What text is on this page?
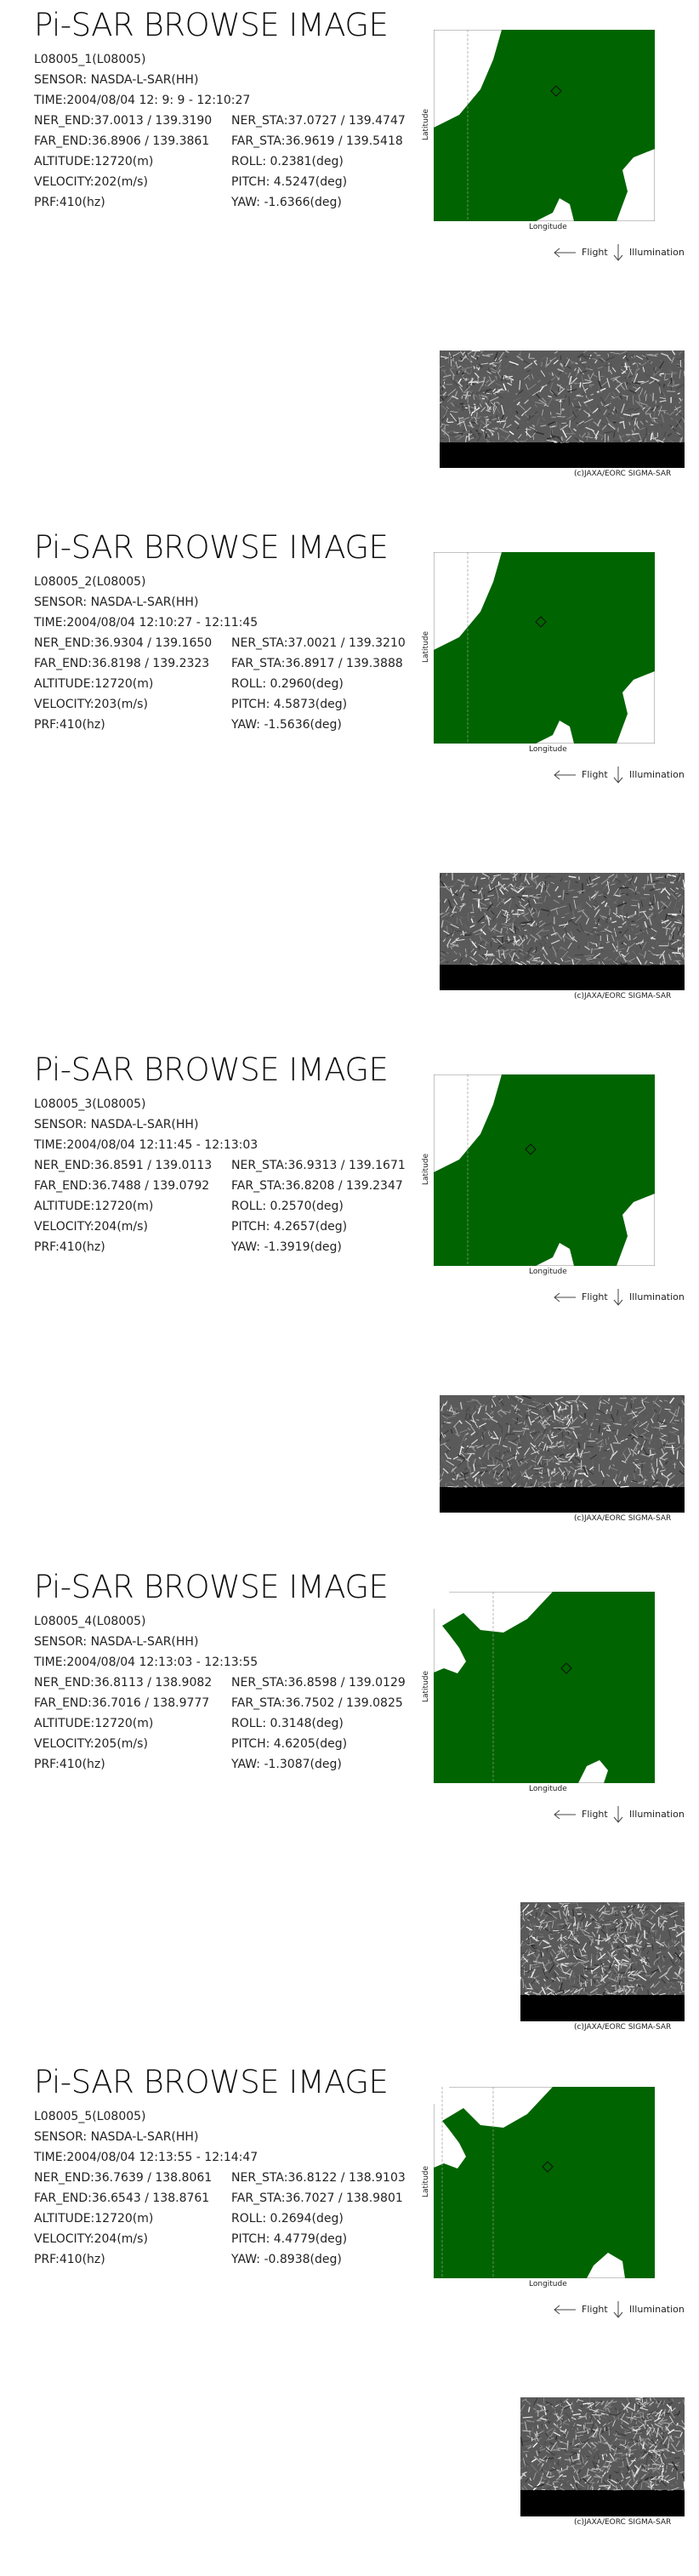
Pi-SAR BROWSE IMAGE
L08005_1(L08005)
SENSOR: NASDA-L-SAR(HH)
TIME:2004/08/04 12: 9: 9 - 12:10:27
NER_END:37.0013 / 139.3190 NER_STA:37.0727 / 139.4747
FAR_END:36.8906 / 139.3861 FAR_STA:36.9619 / 139.5418
ALTITUDE:12720(m)	ROLL: 0.2381(deg)
VELOCITY:202(m/s)	PITCH: 4.5247(deg)
PRF:410(hz)	YAW: -1.6366(deg)
Latitude
Longitude
Flight Illumination
(c)JAXA/EORC SIGMA-SAR
Pi-SAR BROWSE IMAGE
L08005_2(L08005)
SENSOR: NASDA-L-SAR(HH)
TIME:2004/08/04 12:10:27 - 12:11:45
NER_END:36.9304 / 139.1650 NER_STA:37.0021 / 139.3210
FAR_END:36.8198 / 139.2323 FAR_STA:36.8917 / 139.3888
ALTITUDE:12720(m)	ROLL: 0.2960(deg)
VELOCITY:203(m/s)	PITCH: 4.5873(deg)
PRF:410(hz)	YAW: -1.5636(deg)
Latitude
Longitude
Flight Illumination
(c)JAXA/EORC SIGMA-SAR
Pi-SAR BROWSE IMAGE
L08005_3(L08005)
SENSOR: NASDA-L-SAR(HH)
TIME:2004/08/04 12:11:45 - 12:13:03
NER_END:36.8591 / 139.0113 NER_STA:36.9313 / 139.1671
FAR_END:36.7488 / 139.0792 FAR_STA:36.8208 / 139.2347
ALTITUDE:12720(m)	ROLL: 0.2570(deg)
VELOCITY:204(m/s)	PITCH: 4.2657(deg)
PRF:410(hz)	YAW: -1.3919(deg)
Latitude
Longitude
Flight Illumination
(c)JAXA/EORC SIGMA-SAR
Pi-SAR BROWSE IMAGE
L08005_4(L08005)
SENSOR: NASDA-L-SAR(HH)
TIME:2004/08/04 12:13:03 - 12:13:55
NER_END:36.8113 / 138.9082 NER_STA:36.8598 / 139.0129
FAR_END:36.7016 / 138.9777 FAR_STA:36.7502 / 139.0825
ALTITUDE:12720(m)	ROLL: 0.3148(deg)
VELOCITY:205(m/s)	PITCH: 4.6205(deg)
PRF:410(hz)	YAW: -1.3087(deg)
Latitude
Longitude
Flight Illumination
(c)JAXA/EORC SIGMA-SAR
Pi-SAR BROWSE IMAGE
L08005_5(L08005)
SENSOR: NASDA-L-SAR(HH)
TIME:2004/08/04 12:13:55 - 12:14:47
NER_END:36.7639 / 138.8061 NER_STA:36.8122 / 138.9103
FAR_END:36.6543 / 138.8761 FAR_STA:36.7027 / 138.9801
ALTITUDE:12720(m)	ROLL: 0.2694(deg)
VELOCITY:204(m/s)	PITCH: 4.4779(deg)
PRF:410(hz)	YAW: -0.8938(deg)
Latitude
Longitude
Flight Illumination
(c)JAXA/EORC SIGMA-SAR
